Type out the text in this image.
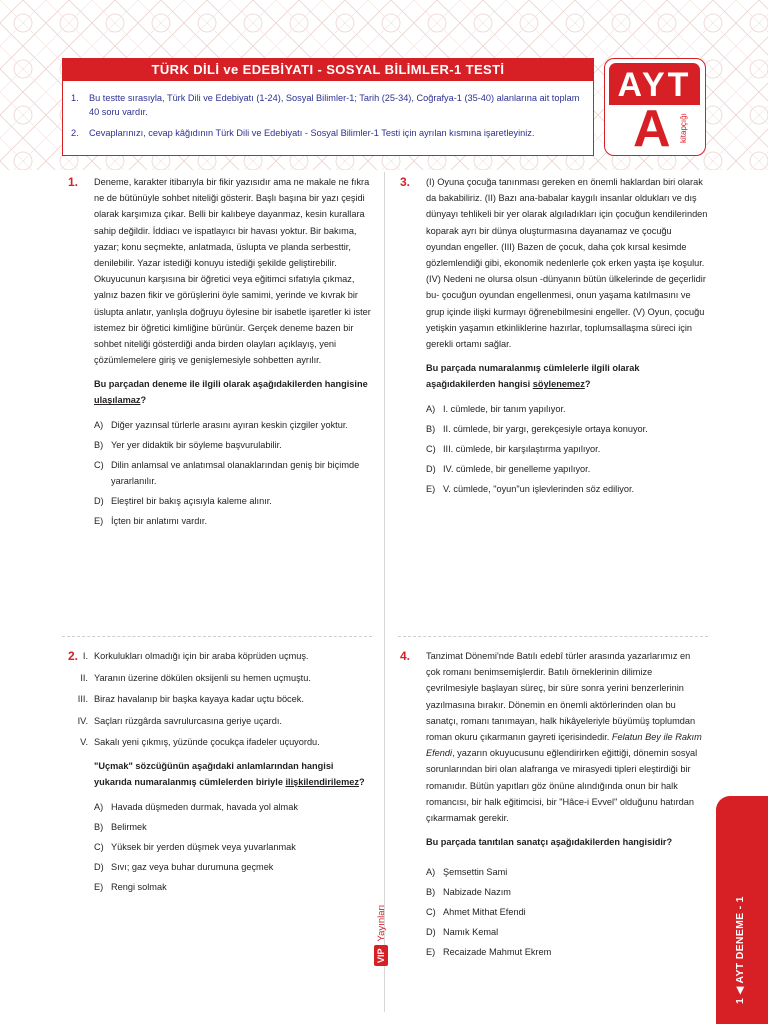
TÜRK DİLİ ve EDEBİYATI - SOSYAL BİLİMLER-1 TESTİ
1.	Bu testte sırasıyla, Türk Dili ve Edebiyatı (1-24), Sosyal Bilimler-1; Tarih (25-34), Coğrafya-1 (35-40) alanlarına ait toplam 40 soru vardır.
2.	Cevaplarınızı, cevap kâğıdının Türk Dili ve Edebiyatı - Sosyal Bilimler-1 Testi için ayrılan kısmına işaretleyiniz.
AYT
A kitapçığı
1. Deneme, karakter itibarıyla bir fikir yazısıdır ama ne makale ne fıkra ne de bütünüyle sohbet niteliği gösterir. Başlı başına bir yazı çeşidi olarak karşımıza çıkar. Belli bir kalıbeye dayanmaz, kesin kurallara sahip değildir. İddiacı ve ispatlayıcı bir havası yoktur. Bir bakıma, yazar; konu seçmekte, anlatmada, üslupta ve planda serbesttir, denilebilir. Yazar istediği konuyu istediği şekilde geliştirebilir. Okuyucunun karşısına bir öğretici veya eğitimci sıfatıyla çıkmaz, yalnız bazen fikir ve görüşlerini öyle samimi, yerinde ve kıvrak bir üslupta anlatır, yanlışla doğruyu öylesine bir isabetle işaretler ki ister istemez bir öğretici kimliğine bürünür. Gerçek deneme bazen bir sohbet niteliği gösterdiği anda birden olayları açıklayış, yeni çözümlemelere giriş ve genişlemesiyle sohbetten ayrılır.
Bu parçadan deneme ile ilgili olarak aşağıdakilerden hangisine ulaşılamaz?
A) Diğer yazınsal türlerle arasını ayıran keskin çizgiler yoktur.
B) Yer yer didaktik bir söyleme başvurulabilir.
C) Dilin anlamsal ve anlatımsal olanaklarından geniş bir biçimde yararlanılır.
D) Eleştirel bir bakış açısıyla kaleme alınır.
E) İçten bir anlatımı vardır.
2. I. Korkulukları olmadığı için bir araba köprüden uçmuş.
II. Yaranın üzerine dökülen oksijenli su hemen uçmuştu.
III. Biraz havalanıp bir başka kayaya kadar uçtu böcek.
IV. Saçları rüzgârda savrulurcasına geriye uçardı.
V. Sakalı yeni çıkmış, yüzünde çocukça ifadeler uçuyordu.
"Uçmak" sözcüğünün aşağıdaki anlamlarından hangisi yukarıda numaralanmış cümlelerden biriyle ilişkilendirilemez?
A) Havada düşmeden durmak, havada yol almak
B) Belirmek
C) Yüksek bir yerden düşmek veya yuvarlanmak
D) Sıvı; gaz veya buhar durumuna geçmek
E) Rengi solmak
3. (I) Oyuna çocuğa tanınması gereken en önemli haklardan biri olarak da bakabiliriz. (II) Bazı ana-babalar kaygılı insanlar oldukları ve dış dünyayı tehlikeli bir yer olarak algıladıkları için çocuğun kendilerinden koparak ayrı bir dünya oluşturmasına dayanamaz ve çocuğu oyundan engeller. (III) Bazen de çocuk, daha çok kırsal kesimde gözlemlendiği gibi, ekonomik nedenlerle çok erken yaşta işe koşulur. (IV) Nedeni ne olursa olsun -dünyanın bütün ülkelerinde de geçerlidir bu- çocuğun oyundan engellenmesi, onun yaşama katılmasını ve grup içinde ilişki kurmayı öğrenebilmesini engeller. (V) Oyun, çocuğu yetişkin yaşamın etkinliklerine hazırlar, toplumsallaşma süreci için gerekli ortamı sağlar.
Bu parçada numaralanmış cümlelerle ilgili olarak aşağıdakilerden hangisi söylenemez?
A) I. cümlede, bir tanım yapılıyor.
B) II. cümlede, bir yargı, gerekçesiyle ortaya konuyor.
C) III. cümlede, bir karşılaştırma yapılıyor.
D) IV. cümlede, bir genelleme yapılıyor.
E) V. cümlede, "oyun"un işlevlerinden söz ediliyor.
4. Tanzimat Dönemi'nde Batılı edebî türler arasında yazarlarımız en çok romanı benimsemişlerdir. Batılı örneklerinin dilimize çevrilmesiyle başlayan süreç, bir süre sonra yerini benzerlerinin yazılmasına bırakır. Dönemin en önemli aktörlerinden olan bu sanatçı, romanı tanımayan, halk hikâyeleriyle büyümüş toplumdan roman okuru çıkarmanın gayreti içerisindedir. Felatun Bey ile Rakım Efendi, yazarın okuyucusunu eğlendirirken eğittiği, dönemin sosyal sorunlarından biri olan alafranga ve mirasyedi tipleri eleştirdiği bir romanıdır. Bütün yapıtları göz önüne alındığında onun bir halk romancısı, bir halk eğitimcisi, bir "Hâce-i Evvel" olduğunu hatırdan çıkarmamak gerekir.
Bu parçada tanıtılan sanatçı aşağıdakilerden hangisidir?
A) Şemsettin Sami
B) Nabizade Nazım
C) Ahmet Mithat Efendi
D) Namık Kemal
E) Recaizade Mahmut Ekrem
VIP
Yayınları	1 ◀ AYT DENEME - 1
